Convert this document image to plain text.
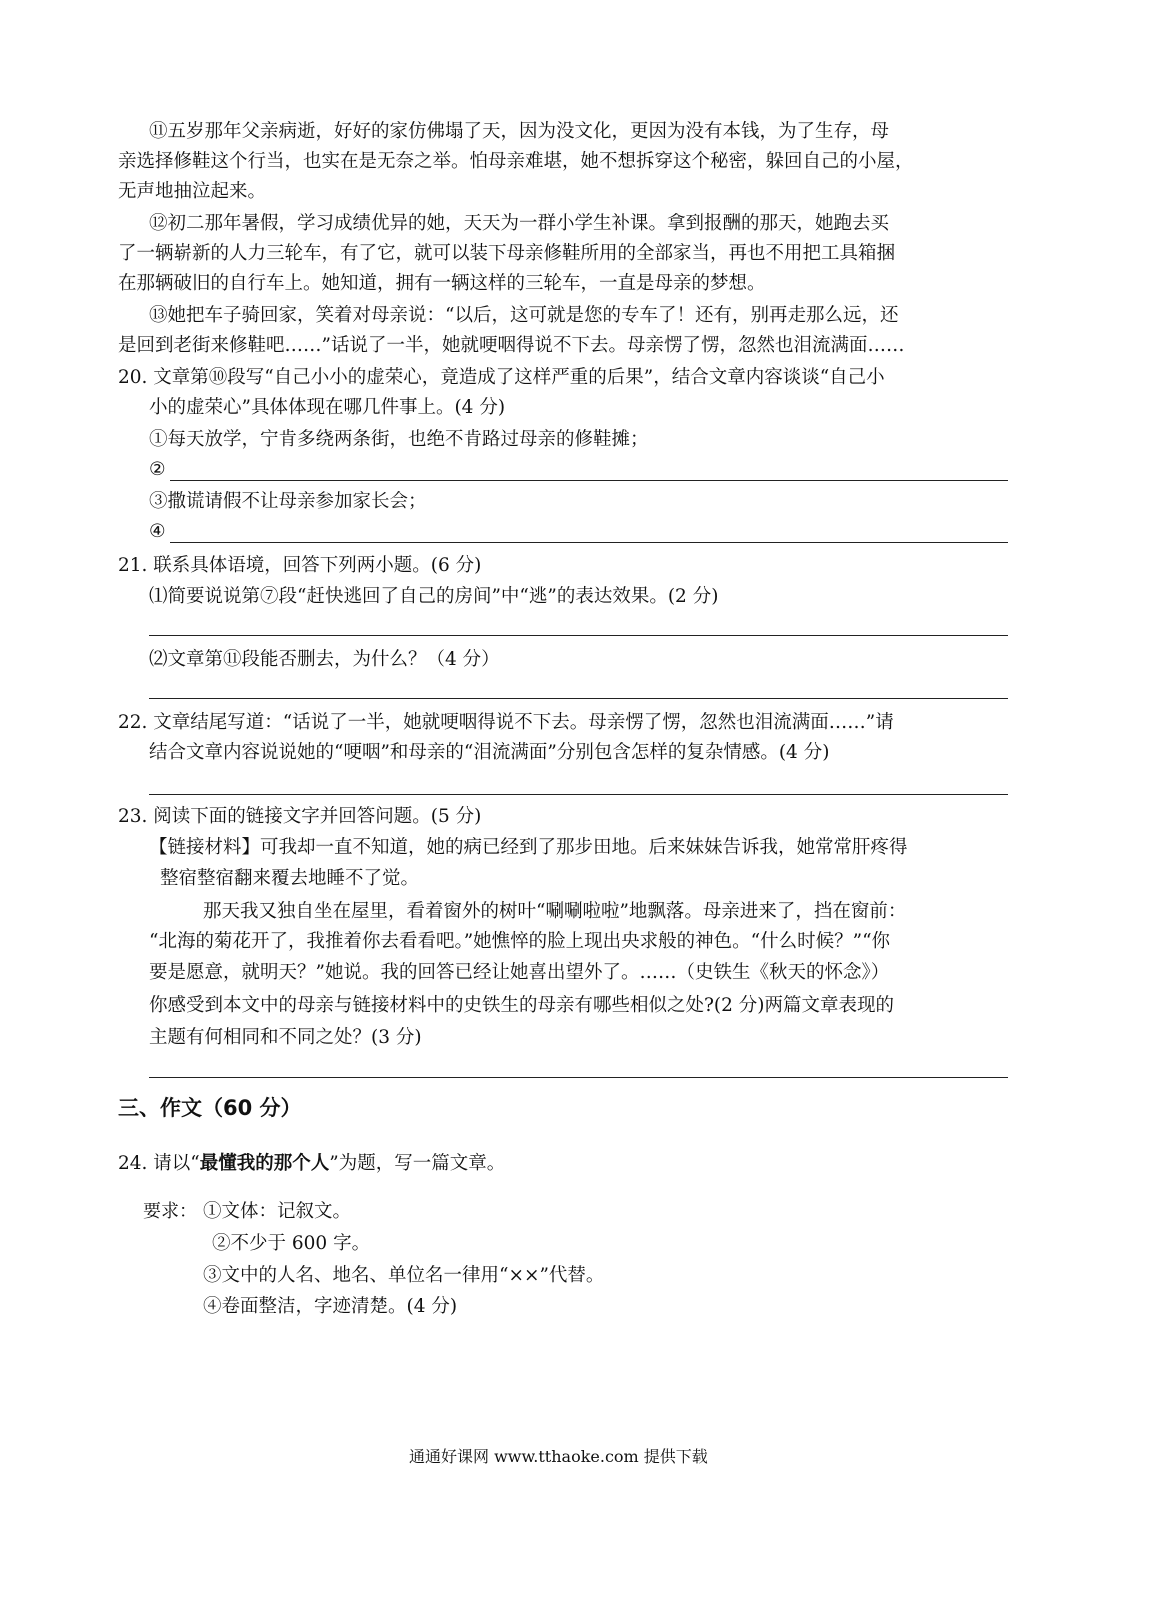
⑪五岁那年父亲病逝，好好的家仿佛塌了天，因为没文化，更因为没有本钱，为了生存，母
亲选择修鞋这个行当，也实在是无奈之举。怕母亲难堪，她不想拆穿这个秘密，躲回自己的小屋，
无声地抽泣起来。
⑫初二那年暑假，学习成绩优异的她，天天为一群小学生补课。拿到报酬的那天，她跑去买
了一辆崭新的人力三轮车，有了它，就可以装下母亲修鞋所用的全部家当，再也不用把工具箱捆
在那辆破旧的自行车上。她知道，拥有一辆这样的三轮车，一直是母亲的梦想。
⑬她把车子骑回家，笑着对母亲说：“以后，这可就是您的专车了！还有，别再走那么远，还
是回到老街来修鞋吧……”话说了一半，她就哽咽得说不下去。母亲愣了愣，忽然也泪流满面……
20. 文章第⑩段写“自己小小的虚荣心，竟造成了这样严重的后果”，结合文章内容谈谈“自己小
小的虚荣心”具体体现在哪几件事上。(4 分)
①每天放学，宁肯多绕两条街，也绝不肯路过母亲的修鞋摊；
②
③撒谎请假不让母亲参加家长会；
④
21. 联系具体语境，回答下列两小题。(6 分)
⑴简要说说第⑦段“赶快逃回了自己的房间”中“逃”的表达效果。(2 分)
⑵文章第⑪段能否删去，为什么？（4 分）
22. 文章结尾写道：“话说了一半，她就哽咽得说不下去。母亲愣了愣，忽然也泪流满面……”请
结合文章内容说说她的“哽咽”和母亲的“泪流满面”分别包含怎样的复杂情感。(4 分)
23. 阅读下面的链接文字并回答问题。(5 分)
【链接材料】可我却一直不知道，她的病已经到了那步田地。后来妹妹告诉我，她常常肝疼得
整宿整宿翻来覆去地睡不了觉。
那天我又独自坐在屋里，看着窗外的树叶“唰唰啦啦”地飘落。母亲进来了，挡在窗前：
“北海的菊花开了，我推着你去看看吧。”她憔悴的脸上现出央求般的神色。“什么时候？”“你
要是愿意，就明天？”她说。我的回答已经让她喜出望外了。……（史铁生《秋天的怀念》）
你感受到本文中的母亲与链接材料中的史铁生的母亲有哪些相似之处?(2 分)两篇文章表现的
主题有何相同和不同之处？(3 分)
三、作文（60 分）
24. 请以“最懂我的那个人”为题，写一篇文章。
要求： ①文体：记叙文。
②不少于 600 字。
③文中的人名、地名、单位名一律用“××”代替。
④卷面整洁，字迹清楚。(4 分)
通通好课网 www.tthaoke.com 提供下载
